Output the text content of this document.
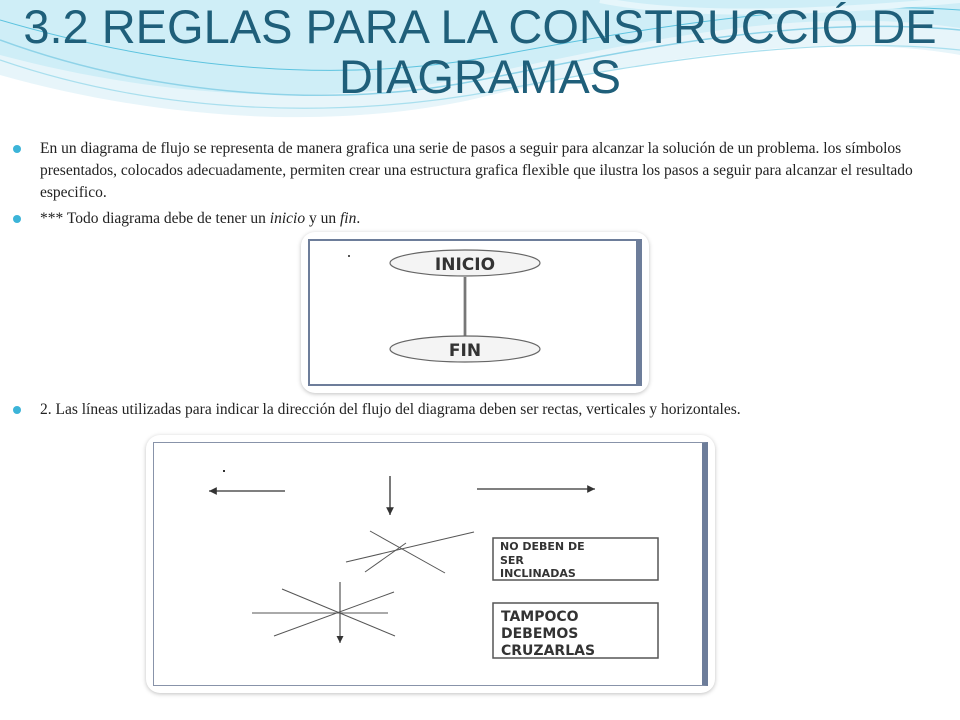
3.2 REGLAS PARA LA CONSTRUCCIÓ DE
DIAGRAMAS
En un diagrama de flujo se representa de manera grafica una serie de pasos a seguir para alcanzar la solución de un problema. los símbolos presentados, colocados adecuadamente, permiten crear una estructura grafica flexible que ilustra los pasos a seguir para alcanzar el resultado especifico.
*** Todo diagrama debe de tener un inicio y un fin.
INICIO
FIN
2. Las líneas utilizadas para indicar la dirección del flujo del diagrama deben ser rectas, verticales y horizontales.
NO DEBEN DE
SER
INCLINADAS
TAMPOCO
DEBEMOS
CRUZARLAS
